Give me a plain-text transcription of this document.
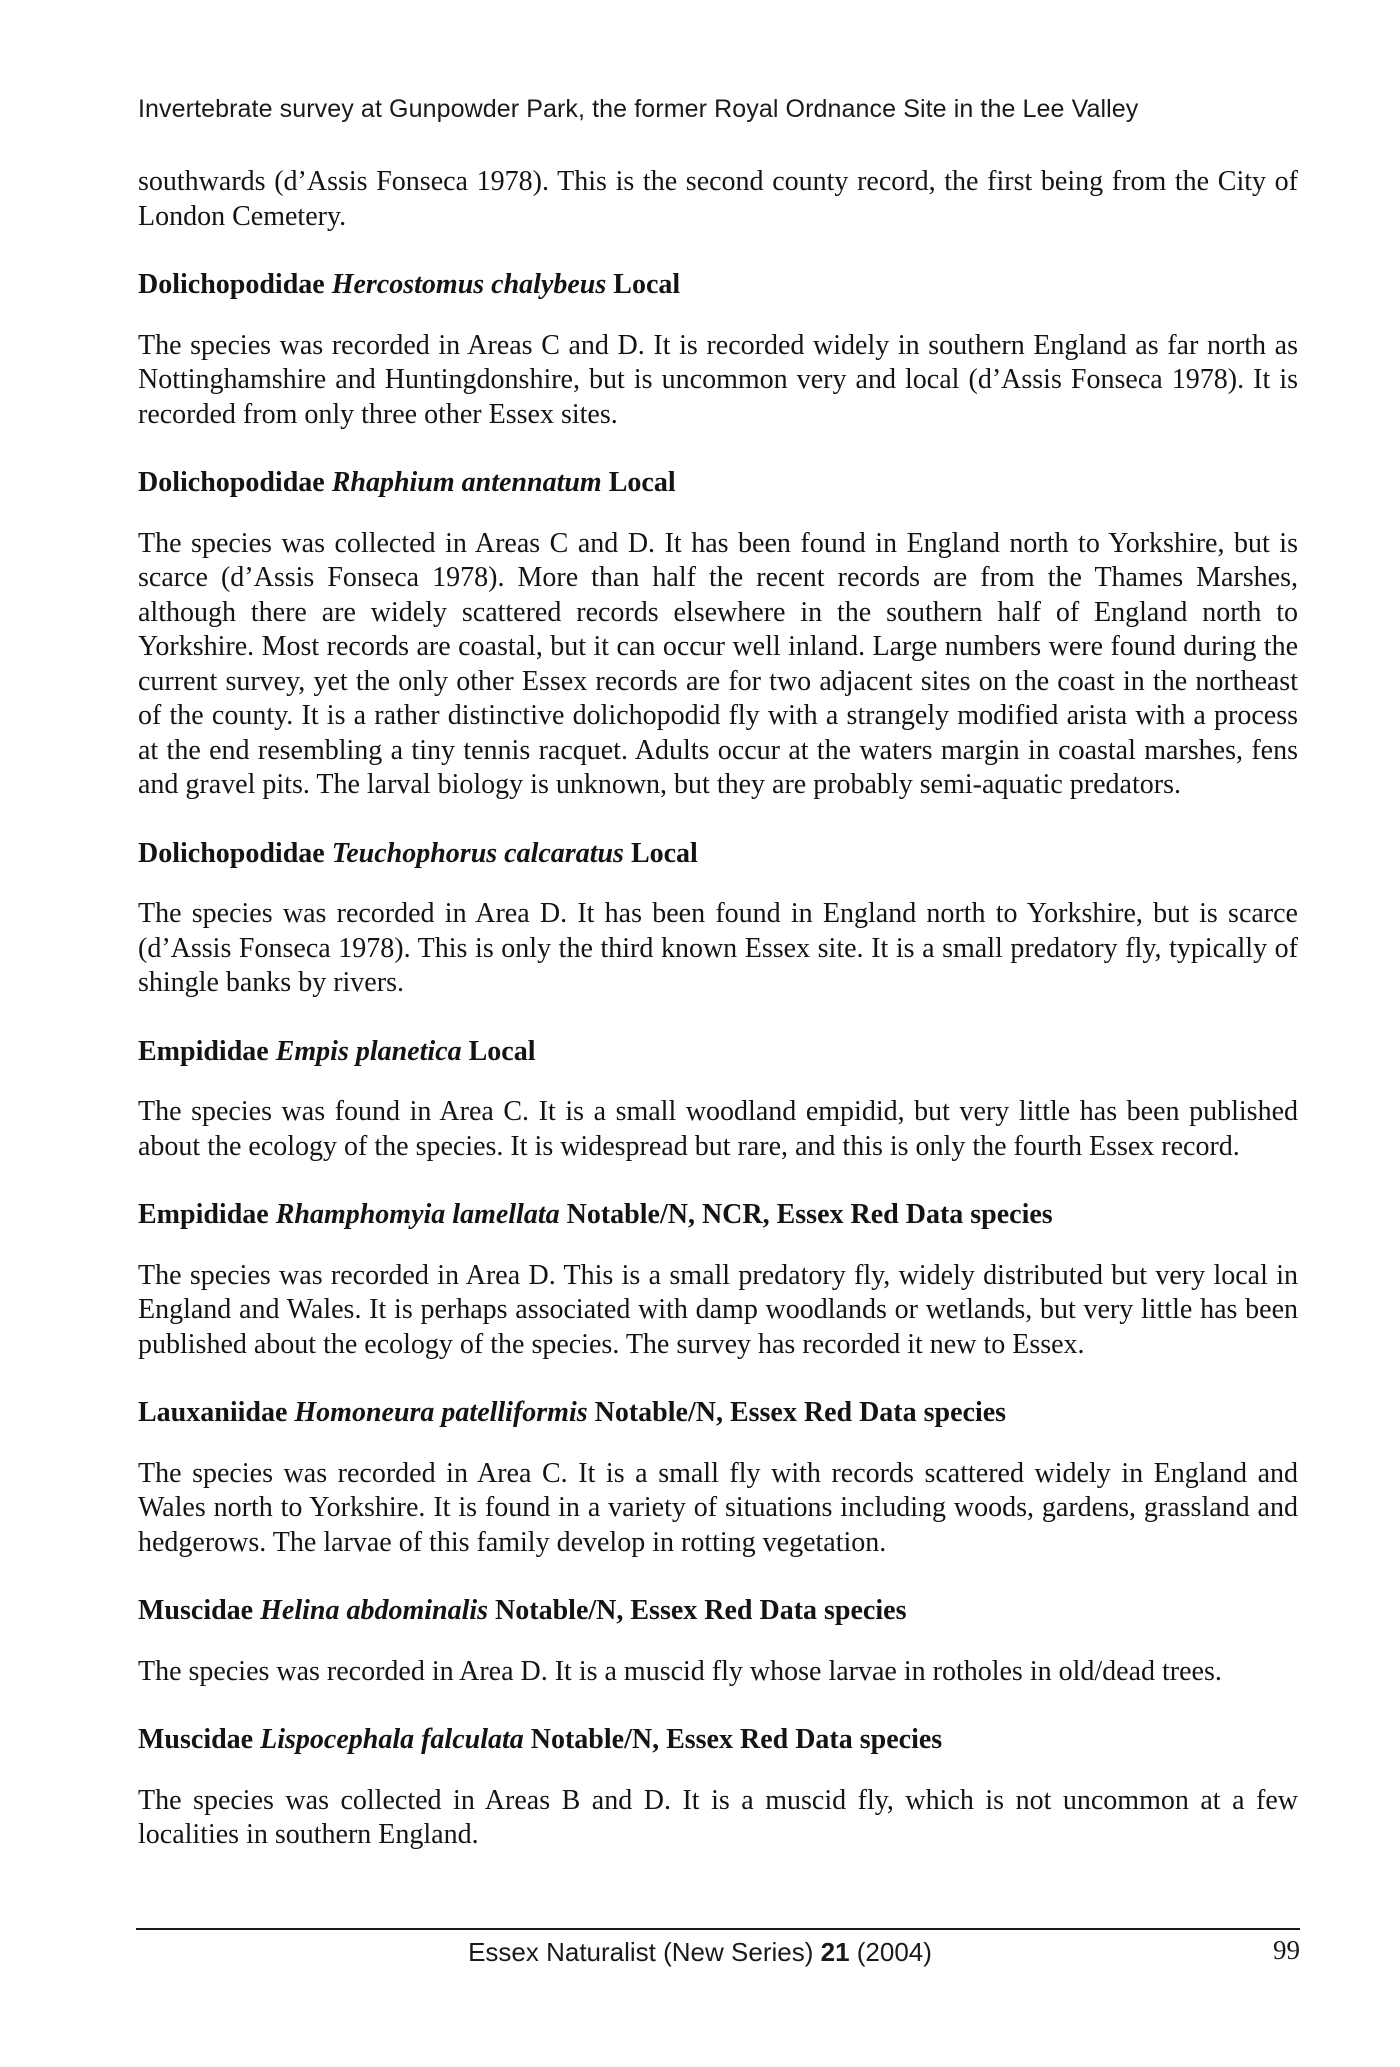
Invertebrate survey at Gunpowder Park, the former Royal Ordnance Site in the Lee Valley

southwards (d’Assis Fonseca 1978). This is the second county record, the first being from the City of London Cemetery.

Dolichopodidae Hercostomus chalybeus Local

The species was recorded in Areas C and D. It is recorded widely in southern England as far north as Nottinghamshire and Huntingdonshire, but is uncommon very and local (d’Assis Fonseca 1978). It is recorded from only three other Essex sites.

Dolichopodidae Rhaphium antennatum Local

The species was collected in Areas C and D. It has been found in England north to Yorkshire, but is scarce (d’Assis Fonseca 1978). More than half the recent records are from the Thames Marshes, although there are widely scattered records elsewhere in the southern half of England north to Yorkshire. Most records are coastal, but it can occur well inland. Large numbers were found during the current survey, yet the only other Essex records are for two adjacent sites on the coast in the northeast of the county. It is a rather distinctive dolichopodid fly with a strangely modified arista with a process at the end resembling a tiny tennis racquet. Adults occur at the waters margin in coastal marshes, fens and gravel pits. The larval biology is unknown, but they are probably semi-aquatic predators.

Dolichopodidae Teuchophorus calcaratus Local

The species was recorded in Area D. It has been found in England north to Yorkshire, but is scarce (d’Assis Fonseca 1978). This is only the third known Essex site. It is a small predatory fly, typically of shingle banks by rivers.

Empididae Empis planetica Local

The species was found in Area C. It is a small woodland empidid, but very little has been published about the ecology of the species. It is widespread but rare, and this is only the fourth Essex record.

Empididae Rhamphomyia lamellata Notable/N, NCR, Essex Red Data species

The species was recorded in Area D. This is a small predatory fly, widely distributed but very local in England and Wales. It is perhaps associated with damp woodlands or wetlands, but very little has been published about the ecology of the species. The survey has recorded it new to Essex.

Lauxaniidae Homoneura patelliformis Notable/N, Essex Red Data species

The species was recorded in Area C. It is a small fly with records scattered widely in England and Wales north to Yorkshire. It is found in a variety of situations including woods, gardens, grassland and hedgerows. The larvae of this family develop in rotting vegetation.

Muscidae Helina abdominalis Notable/N, Essex Red Data species

The species was recorded in Area D. It is a muscid fly whose larvae in rotholes in old/dead trees.

Muscidae Lispocephala falculata Notable/N, Essex Red Data species

The species was collected in Areas B and D. It is a muscid fly, which is not uncommon at a few localities in southern England.

Essex Naturalist (New Series) 21 (2004)	99
